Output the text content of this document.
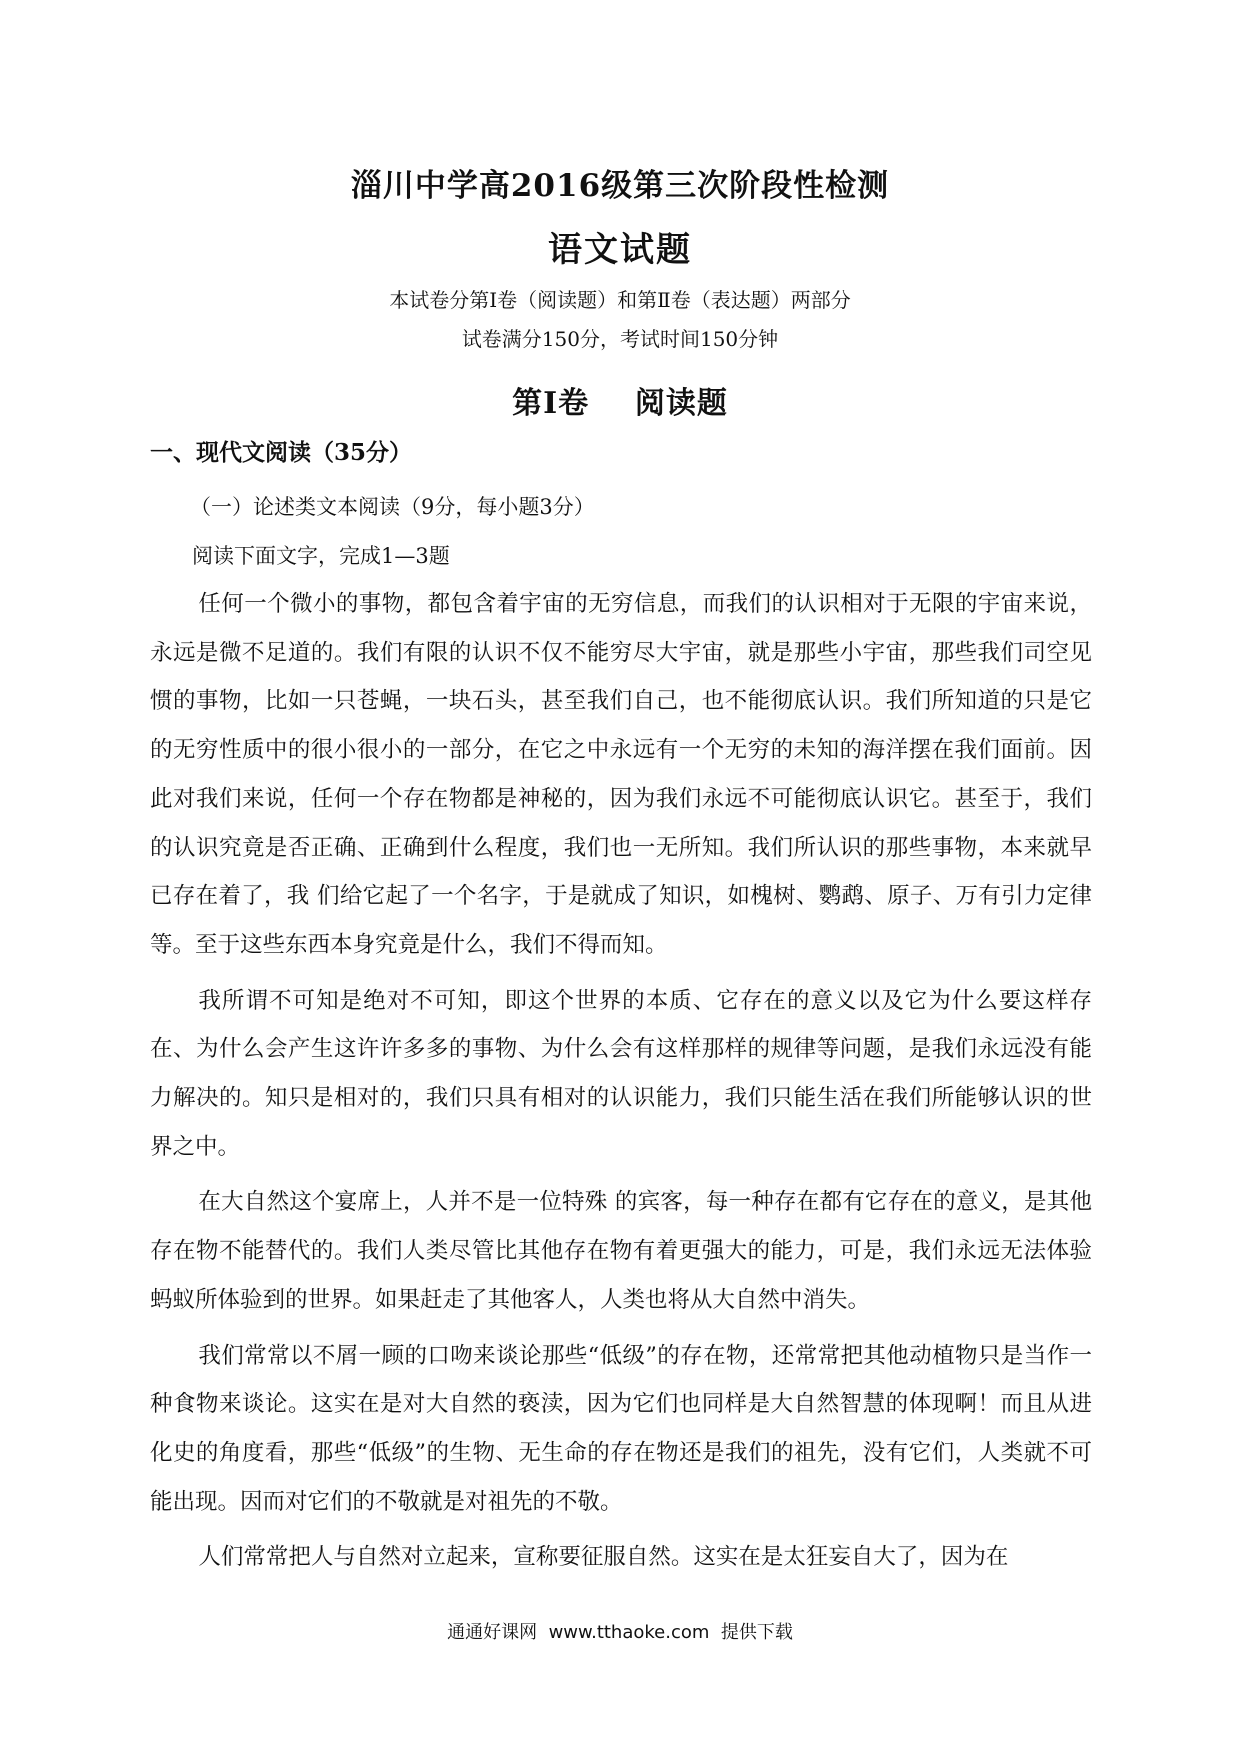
淄川中学高2016级第三次阶段性检测
语文试题
本试卷分第Ⅰ卷（阅读题）和第Ⅱ卷（表达题）两部分
试卷满分150分，考试时间150分钟
第Ⅰ卷    阅读题
一、现代文阅读（35分）
（一）论述类文本阅读（9分，每小题3分）
阅读下面文字，完成1—3题

任何一个微小的事物，都包含着宇宙的无穷信息，而我们的认识相对于无限的宇宙来说，永远是微不足道的。我们有限的认识不仅不能穷尽大宇宙，就是那些小宇宙，那些我们司空见惯的事物，比如一只苍蝇，一块石头，甚至我们自己，也不能彻底认识。我们所知道的只是它的无穷性质中的很小很小的一部分，在它之中永远有一个无穷的未知的海洋摆在我们面前。因此对我们来说，任何一个存在物都是神秘的，因为我们永远不可能彻底认识它。甚至于，我们的认识究竟是否正确、正确到什么程度，我们也一无所知。我们所认识的那些事物，本来就早已存在着了，我 们给它起了一个名字，于是就成了知识，如槐树、鹦鹉、原子、万有引力定律等。至于这些东西本身究竟是什么，我们不得而知。

我所谓不可知是绝对不可知，即这个世界的本质、它存在的意义以及它为什么要这样存在、为什么会产生这许许多多的事物、为什么会有这样那样的规律等问题，是我们永远没有能力解决的。知只是相对的，我们只具有相对的认识能力，我们只能生活在我们所能够认识的世界之中。

在大自然这个宴席上，人并不是一位特殊 的宾客，每一种存在都有它存在的意义，是其他存在物不能替代的。我们人类尽管比其他存在物有着更强大的能力，可是，我们永远无法体验蚂蚁所体验到的世界。如果赶走了其他客人，人类也将从大自然中消失。

我们常常以不屑一顾的口吻来谈论那些“低级”的存在物，还常常把其他动植物只是当作一种食物来谈论。这实在是对大自然的亵渎，因为它们也同样是大自然智慧的体现啊！而且从进化史的角度看，那些“低级”的生物、无生命的存在物还是我们的祖先，没有它们，人类就不可能出现。因而对它们的不敬就是对祖先的不敬。

人们常常把人与自然对立起来，宣称要征服自然。这实在是太狂妄自大了，因为在

通通好课网  www.tthaoke.com  提供下载
